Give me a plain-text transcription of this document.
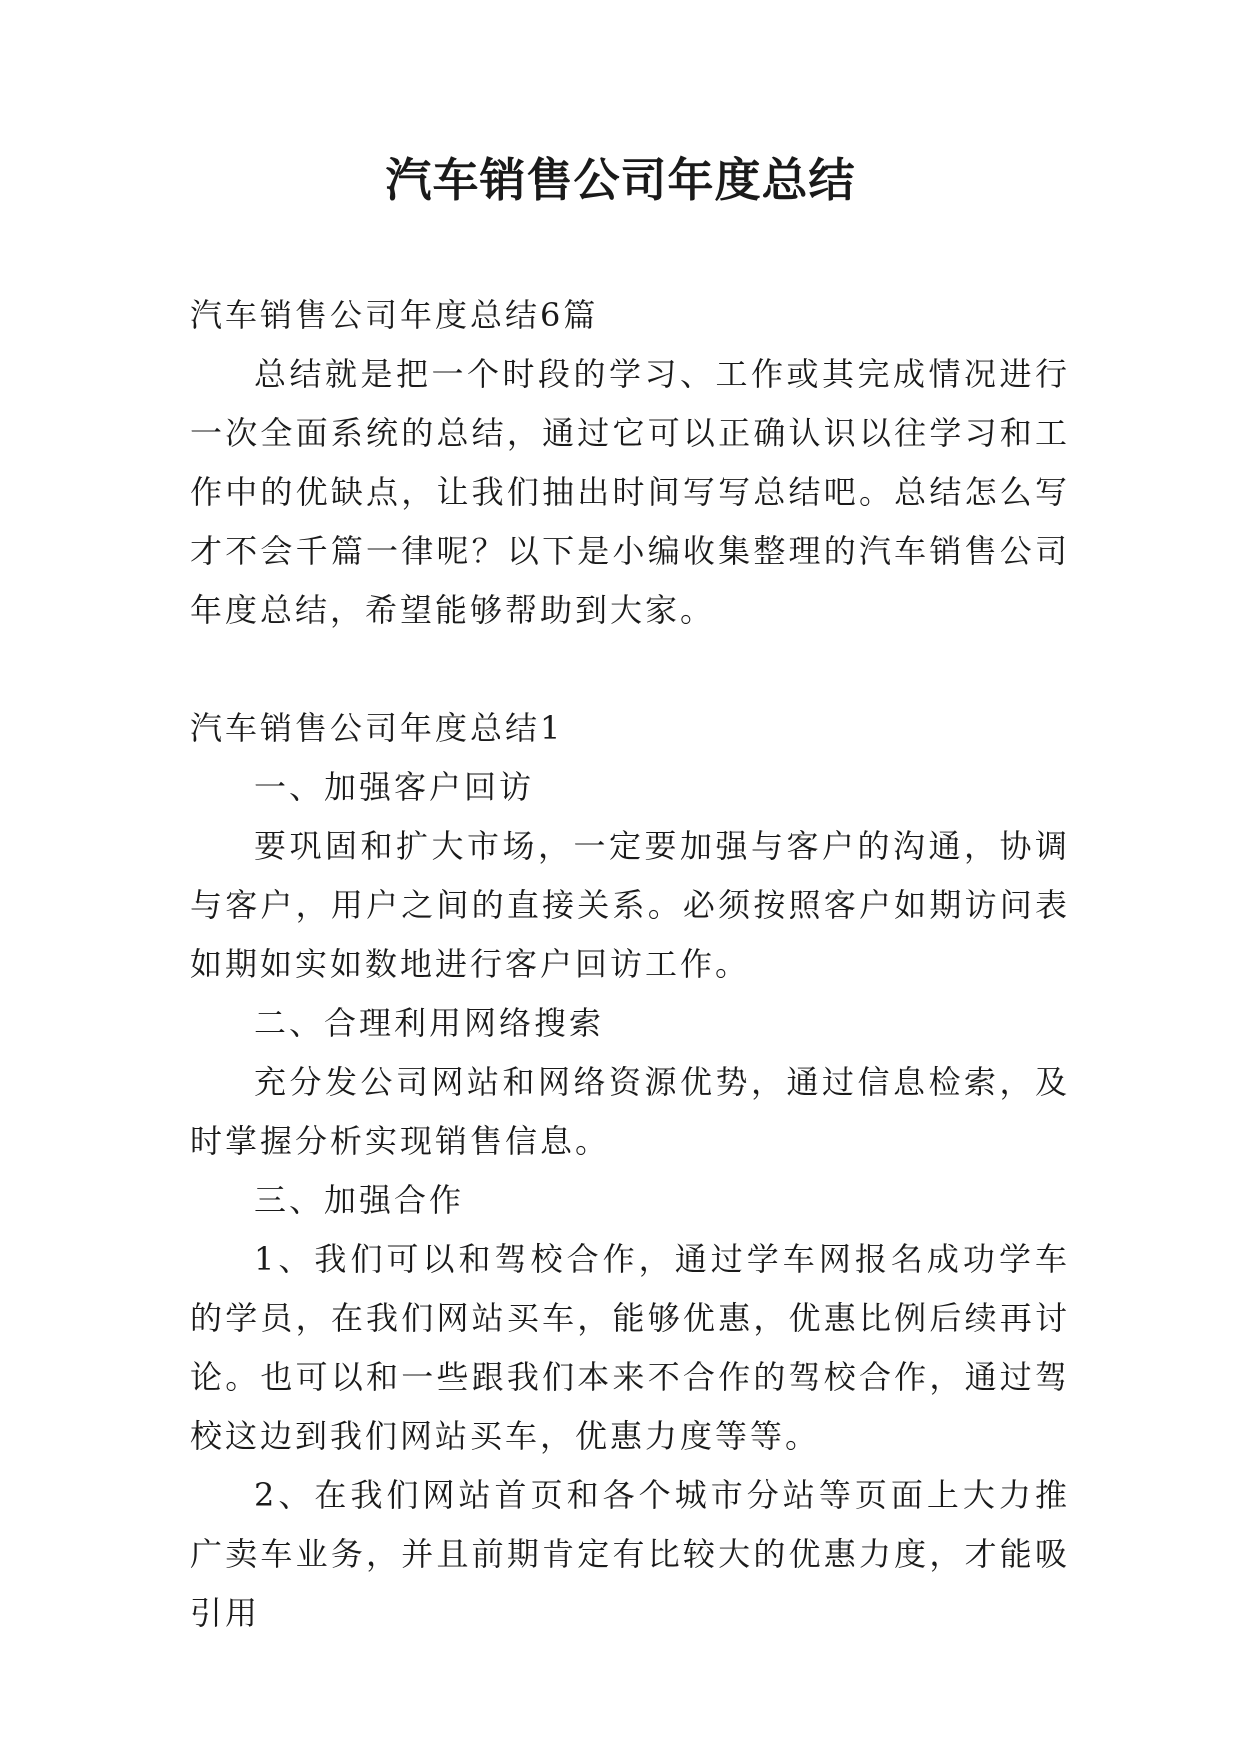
汽车销售公司年度总结

汽车销售公司年度总结6篇

总结就是把一个时段的学习、工作或其完成情况进行一次全面系统的总结，通过它可以正确认识以往学习和工作中的优缺点，让我们抽出时间写写总结吧。总结怎么写才不会千篇一律呢？以下是小编收集整理的汽车销售公司年度总结，希望能够帮助到大家。

汽车销售公司年度总结1

一、加强客户回访

要巩固和扩大市场，一定要加强与客户的沟通，协调与客户，用户之间的直接关系。必须按照客户如期访问表如期如实如数地进行客户回访工作。

二、合理利用网络搜索

充分发公司网站和网络资源优势，通过信息检索，及时掌握分析实现销售信息。

三、加强合作

1、我们可以和驾校合作，通过学车网报名成功学车的学员，在我们网站买车，能够优惠，优惠比例后续再讨论。也可以和一些跟我们本来不合作的驾校合作，通过驾校这边到我们网站买车，优惠力度等等。

2、在我们网站首页和各个城市分站等页面上大力推广卖车业务，并且前期肯定有比较大的优惠力度，才能吸引用
